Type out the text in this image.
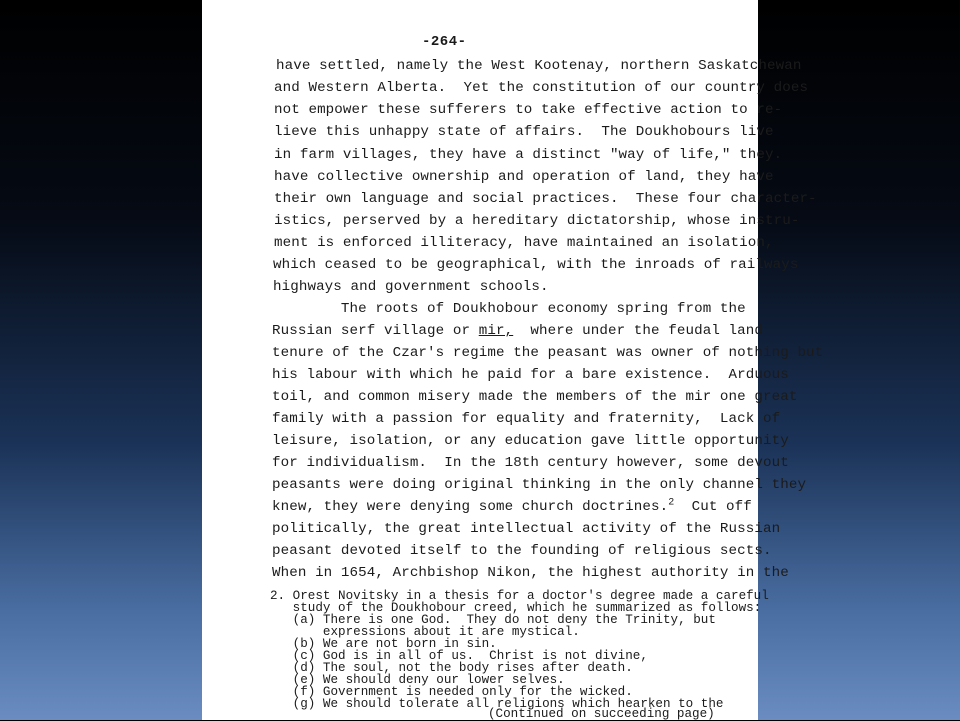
-264-
have settled, namely the West Kootenay, northern Saskatchewan
and Western Alberta.  Yet the constitution of our country does
not empower these sufferers to take effective action to re-
lieve this unhappy state of affairs.  The Doukhobours live
in farm villages, they have a distinct "way of life," they.
have collective ownership and operation of land, they have
their own language and social practices.  These four character-
istics, perserved by a hereditary dictatorship, whose instru-
ment is enforced illiteracy, have maintained an isolation,
which ceased to be geographical, with the inroads of railways
highways and government schools.
The roots of Doukhobour economy spring from the
Russian serf village or mir,  where under the feudal land
tenure of the Czar's regime the peasant was owner of nothing but
his labour with which he paid for a bare existence.  Arduous
toil, and common misery made the members of the mir one great
family with a passion for equality and fraternity,  Lack of
leisure, isolation, or any education gave little opportunity
for individualism.  In the 18th century however, some devout
peasants were doing original thinking in the only channel they
knew, they were denying some church doctrines.$^2$  Cut off
politically, the great intellectual activity of the Russian
peasant devoted itself to the founding of religious sects.
When in 1654, Archbishop Nikon, the highest authority in the
2. Orest Novitsky in a thesis for a doctor's degree made a careful
study of the Doukhobour creed, which he summarized as follows:
(a) There is one God.  They do not deny the Trinity, but
expressions about it are mystical.
(b) We are not born in sin.
(c) God is in all of us.  Christ is not divine,
(d) The soul, not the body rises after death.
(e) We should deny our lower selves.
(f) Government is needed only for the wicked.
(g) We should tolerate all religions which hearken to the
(Continued on succeeding page)
